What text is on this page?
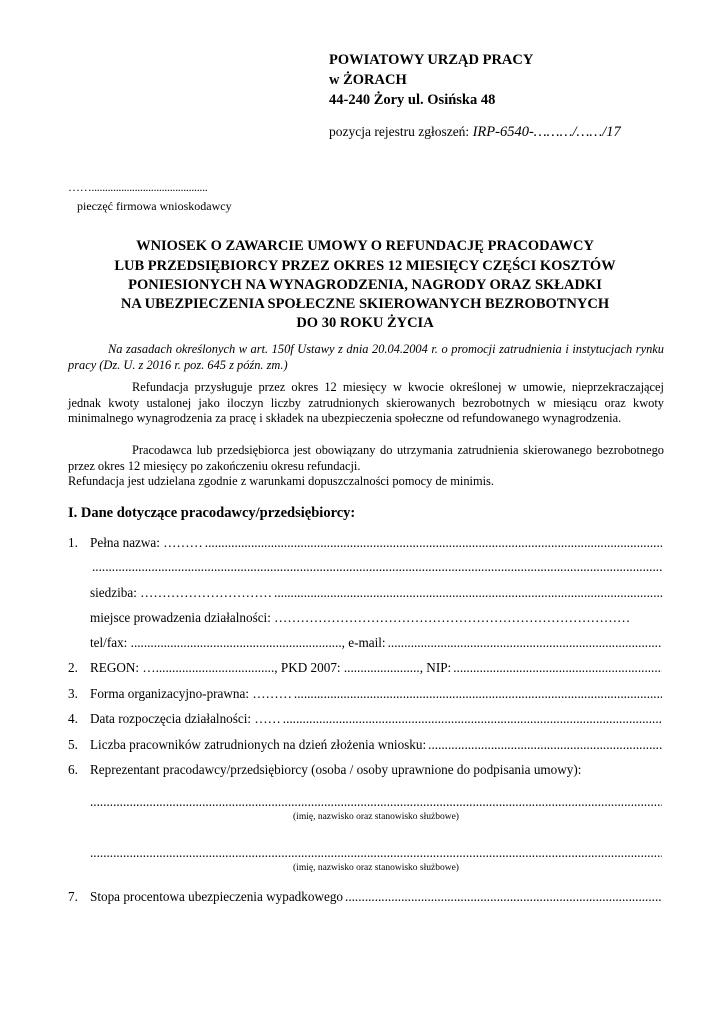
POWIATOWY URZĄD PRACY
w ŻORACH
44-240 Żory ul. Osińska 48
pozycja rejestru zgłoszeń: IRP-6540-………/……/17
……...........................................
pieczęć firmowa wnioskodawcy
WNIOSEK O ZAWARCIE UMOWY O REFUNDACJĘ PRACODAWCY
LUB PRZEDSIĘBIORCY PRZEZ OKRES 12 MIESIĘCY CZĘŚCI KOSZTÓW
PONIESIONYCH NA WYNAGRODZENIA, NAGRODY ORAZ SKŁADKI
NA UBEZPIECZENIA SPOŁECZNE SKIEROWANYCH BEZROBOTNYCH
DO 30 ROKU ŻYCIA
Na zasadach określonych w art. 150f Ustawy z dnia 20.04.2004 r. o promocji zatrudnienia i instytucjach rynku pracy (Dz. U. z 2016 r. poz. 645 z późn. zm.)
Refundacja przysługuje przez okres 12 miesięcy w kwocie określonej w umowie, nieprzekraczającej jednak kwoty ustalonej jako iloczyn liczby zatrudnionych skierowanych bezrobotnych w miesiącu oraz kwoty minimalnego wynagrodzenia za pracę i składek na ubezpieczenia społeczne od refundowanego wynagrodzenia.
Pracodawca lub przedsiębiorca jest obowiązany do utrzymania zatrudnienia skierowanego bezrobotnego przez okres 12 miesięcy po zakończeniu okresu refundacji.
Refundacja jest udzielana zgodnie z warunkami dopuszczalności pomocy de minimis.
I. Dane dotyczące pracodawcy/przedsiębiorcy:
1. Pełna nazwa: ………
.....
.....
siedziba: …………………………
.....
miejsce prowadzenia działalności: ………………………………………………………………………
tel/fax: ................................................................ , e-mail:
.....
2. REGON: ….................................... , PKD 2007: ....................... , NIP:
.....
3. Forma organizacyjno-prawna: ………
.....
4. Data rozpoczęcia działalności: ……
.....
5. Liczba pracowników zatrudnionych na dzień złożenia wniosku:
.....
6. Reprezentant pracodawcy/przedsiębiorcy (osoba / osoby uprawnione do podpisania umowy):
.....
(imię, nazwisko oraz stanowisko służbowe)
.....
(imię, nazwisko oraz stanowisko służbowe)
7. Stopa procentowa ubezpieczenia wypadkowego
.....
